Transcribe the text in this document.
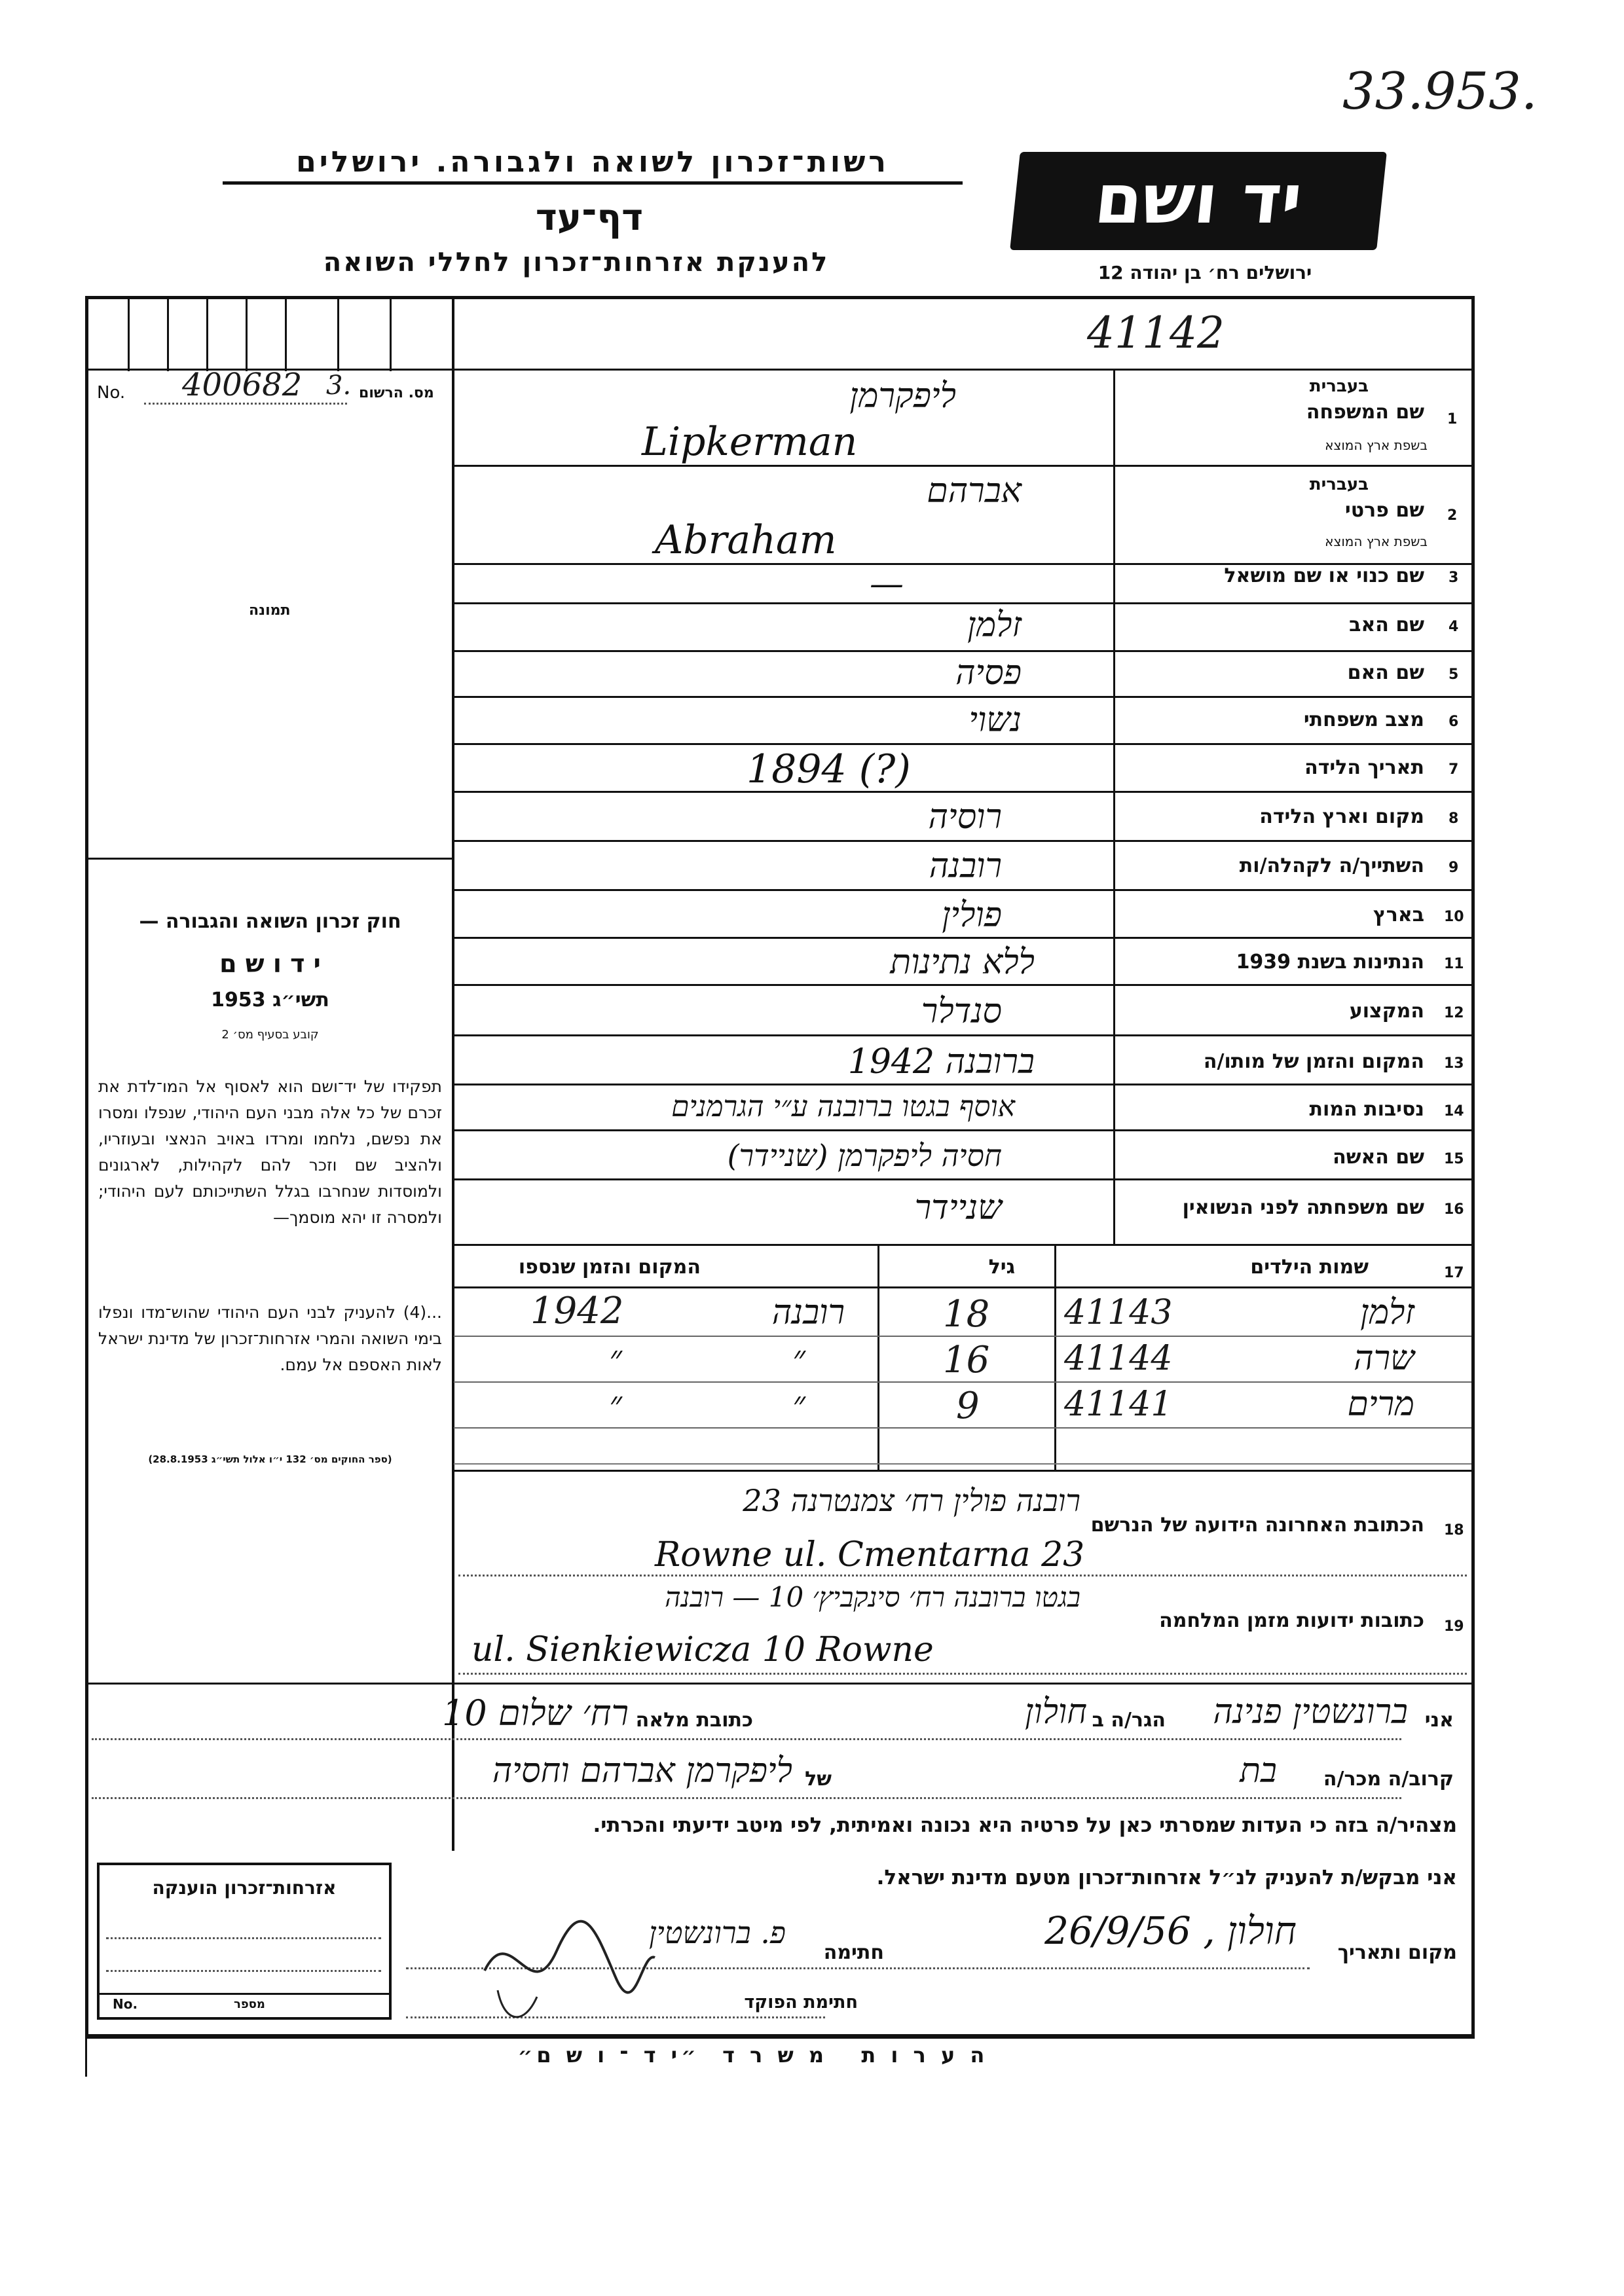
33.953.
רשות־זכרון לשואה ולגבורה. ירושלים
דף־עד
להענקת אזרחות־זכרון לחללי השואה
יד ושם
ירושלים רח׳ בן יהודה 12
41142
No. 400682 3. מס. הרשום
תמונה
חוק זכרון השואה והגבורה —
י ד ו ש ם
תשי״ג 1953
קובע בסעיף מס׳ 2
תפקידו של יד־ושם הוא לאסוף אל המו־לדת את זכרם של כל אלה מבני העם היהודי, שנפלו ומסרו את נפשם, נלחמו ומרדו באויב הנאצי ובעוזריו, ולהציב שם וזכר להם לקהילות, לארגונים ולמוסדות שנחרבו בגלל השתייכותם לעם היהודי; ולמסרה זו יהא מוסמך—
...(4) להעניק לבני העם היהודי שהוש־מדו ונפלו בימי השואה והמרי אזרחות־זכרון של מדינת ישראל לאות האספם אל עמם.
(ספר החוקים מס׳ 132 י״ו אלול תשי״ג 28.8.1953)
1
שם המשפחה
בעברית
בשפת ארץ המוצא
ליפקרמן
Lipkerman
2
שם פרטי
בעברית
בשפת ארץ המוצא
אברהם
Abraham
3
שם כנוי או שם מושאל
—
4
שם האב
זלמן
5
שם האם
פסיה
6
מצב משפחתי
נשוי
7
תאריך הלידה
1894 (?)
8
מקום וארץ הלידה
רוסיה
9
השתייך/ה לקהלה/ות
רובנה
10
בארץ
פולין
11
הנתינות בשנת 1939
ללא נתינות
12
המקצוע
סנדלר
13
המקום והזמן של מותו/ה
ברובנה 1942
14
נסיבות המות
אוסף בגטו ברובנה ע״י הגרמנים
15
שם האשה
חסיה ליפקרמן (שניידר)
16
שם משפחתה לפני הנשואין
שניידר
17
שמות הילדים
גיל
המקום והזמן שנספו
זלמן
41143
18
רובנה
1942
שרה
41144
16
״
״
מרים
41141
9
״
״
18
הכתובת האחרונה הידועה של הנרשם
רובנה פולין רח׳ צמנטרנה 23
Rowne ul. Cmentarna 23
19
כתובות ידועות מזמן המלחמה
בגטו ברובנה רח׳ סינקביץ׳ 10 — רובנה
ul. Sienkiewicza 10 Rowne
אני
ברונשטין פנינה
הגר/ה ב
חולון
כתובת מלאה
רח׳ שלום 10
קרוב/ה מכר/ה
בת
של
ליפקרמן אברהם וחסיה
מצהיר/ה בזה כי העדות שמסרתי כאן על פרטיה היא נכונה ואמיתית, לפי מיטב ידיעתי והכרתי.
אני מבקש/ת להעניק לנ״ל אזרחות־זכרון מטעם מדינת ישראל.
מקום ותאריך
חולון , 26/9/56
חתימה
פ. ברונשטין
חתימת הפוקד
אזרחות־זכרון הוענקה
No.	מספר
ה ע ר ו ת   מ ש ר ד  ״י ד ־ ו ש ם״
